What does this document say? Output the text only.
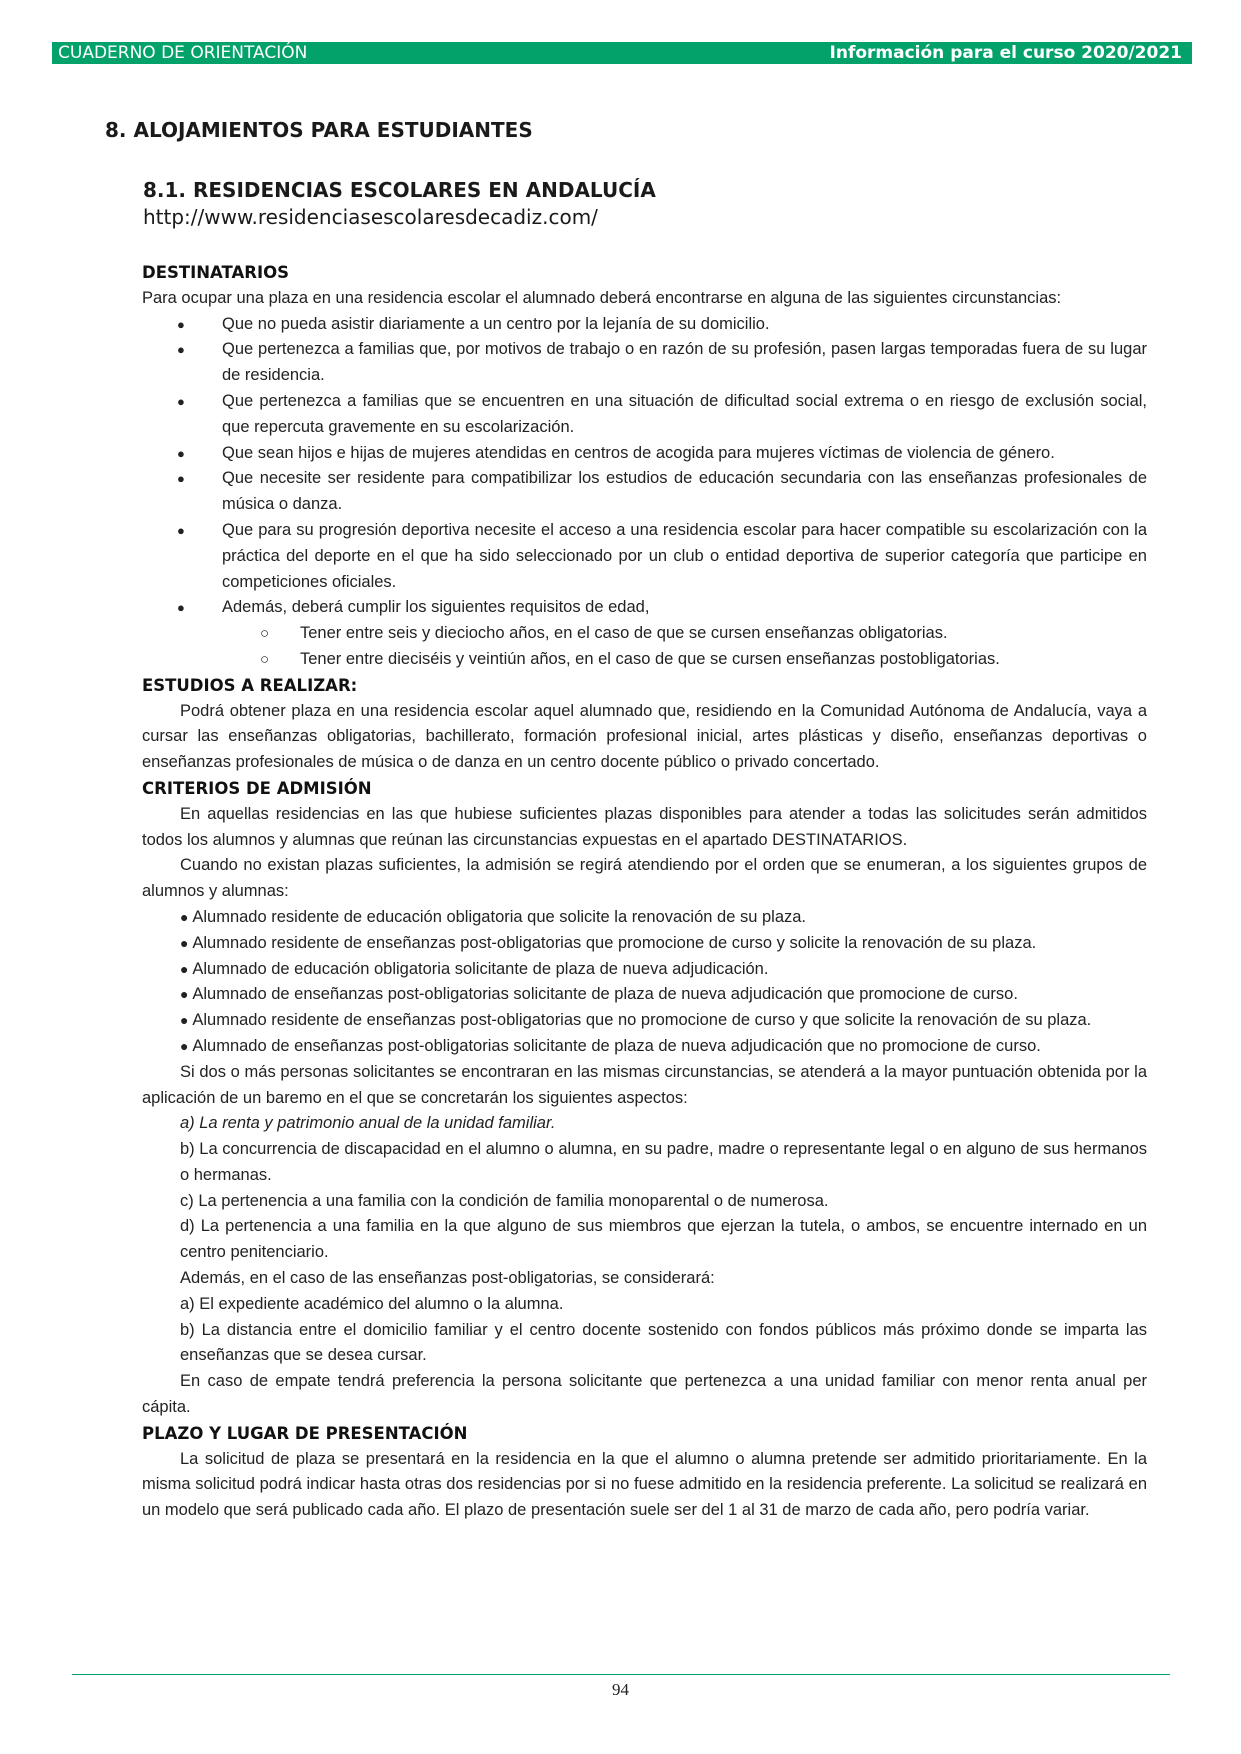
CUADERNO DE ORIENTACIÓN	Información para el curso 2020/2021
8. ALOJAMIENTOS PARA ESTUDIANTES
8.1. RESIDENCIAS ESCOLARES EN ANDALUCÍA
http://www.residenciasescolaresdecadiz.com/
DESTINATARIOS

Para ocupar una plaza en una residencia escolar el alumnado deberá encontrarse en alguna de las siguientes circunstancias:

● Que no pueda asistir diariamente a un centro por la lejanía de su domicilio.
● Que pertenezca a familias que, por motivos de trabajo o en razón de su profesión, pasen largas temporadas fuera de su lugar de residencia.
● Que pertenezca a familias que se encuentren en una situación de dificultad social extrema o en riesgo de exclusión social, que repercuta gravemente en su escolarización.
● Que sean hijos e hijas de mujeres atendidas en centros de acogida para mujeres víctimas de violencia de género.
● Que necesite ser residente para compatibilizar los estudios de educación secundaria con las enseñanzas profesionales de música o danza.
● Que para su progresión deportiva necesite el acceso a una residencia escolar para hacer compatible su escolarización con la práctica del deporte en el que ha sido seleccionado por un club o entidad deportiva de superior categoría que participe en competiciones oficiales.
● Además, deberá cumplir los siguientes requisitos de edad,
○ Tener entre seis y dieciocho años, en el caso de que se cursen enseñanzas obligatorias.
○ Tener entre dieciséis y veintiún años, en el caso de que se cursen enseñanzas postobligatorias.
ESTUDIOS A REALIZAR:

Podrá obtener plaza en una residencia escolar aquel alumnado que, residiendo en la Comunidad Autónoma de Andalucía, vaya a cursar las enseñanzas obligatorias, bachillerato, formación profesional inicial, artes plásticas y diseño, enseñanzas deportivas o enseñanzas profesionales de música o de danza en un centro docente público o privado concertado.

CRITERIOS DE ADMISIÓN

En aquellas residencias en las que hubiese suficientes plazas disponibles para atender a todas las solicitudes serán admitidos todos los alumnos y alumnas que reúnan las circunstancias expuestas en el apartado DESTINATARIOS.

Cuando no existan plazas suficientes, la admisión se regirá atendiendo por el orden que se enumeran, a los siguientes grupos de alumnos y alumnas:

● Alumnado residente de educación obligatoria que solicite la renovación de su plaza.
● Alumnado residente de enseñanzas post-obligatorias que promocione de curso y solicite la renovación de su plaza.
● Alumnado de educación obligatoria solicitante de plaza de nueva adjudicación.
● Alumnado de enseñanzas post-obligatorias solicitante de plaza de nueva adjudicación que promocione de curso.
● Alumnado residente de enseñanzas post-obligatorias que no promocione de curso y que solicite la renovación de su plaza.
● Alumnado de enseñanzas post-obligatorias solicitante de plaza de nueva adjudicación que no promocione de curso.

Si dos o más personas solicitantes se encontraran en las mismas circunstancias, se atenderá a la mayor puntuación obtenida por la aplicación de un baremo en el que se concretarán los siguientes aspectos:

a) La renta y patrimonio anual de la unidad familiar.

b) La concurrencia de discapacidad en el alumno o alumna, en su padre, madre o representante legal o en alguno de sus hermanos o hermanas.

c) La pertenencia a una familia con la condición de familia monoparental o de numerosa.

d) La pertenencia a una familia en la que alguno de sus miembros que ejerzan la tutela, o ambos, se encuentre internado en un centro penitenciario.

Además, en el caso de las enseñanzas post-obligatorias, se considerará:

a) El expediente académico del alumno o la alumna.

b) La distancia entre el domicilio familiar y el centro docente sostenido con fondos públicos más próximo donde se imparta las enseñanzas que se desea cursar.

En caso de empate tendrá preferencia la persona solicitante que pertenezca a una unidad familiar con menor renta anual per cápita.

PLAZO Y LUGAR DE PRESENTACIÓN

La solicitud de plaza se presentará en la residencia en la que el alumno o alumna pretende ser admitido prioritariamente. En la misma solicitud podrá indicar hasta otras dos residencias por si no fuese admitido en la residencia preferente. La solicitud se realizará en un modelo que será publicado cada año. El plazo de presentación suele ser del 1 al 31 de marzo de cada año, pero podría variar.

94
